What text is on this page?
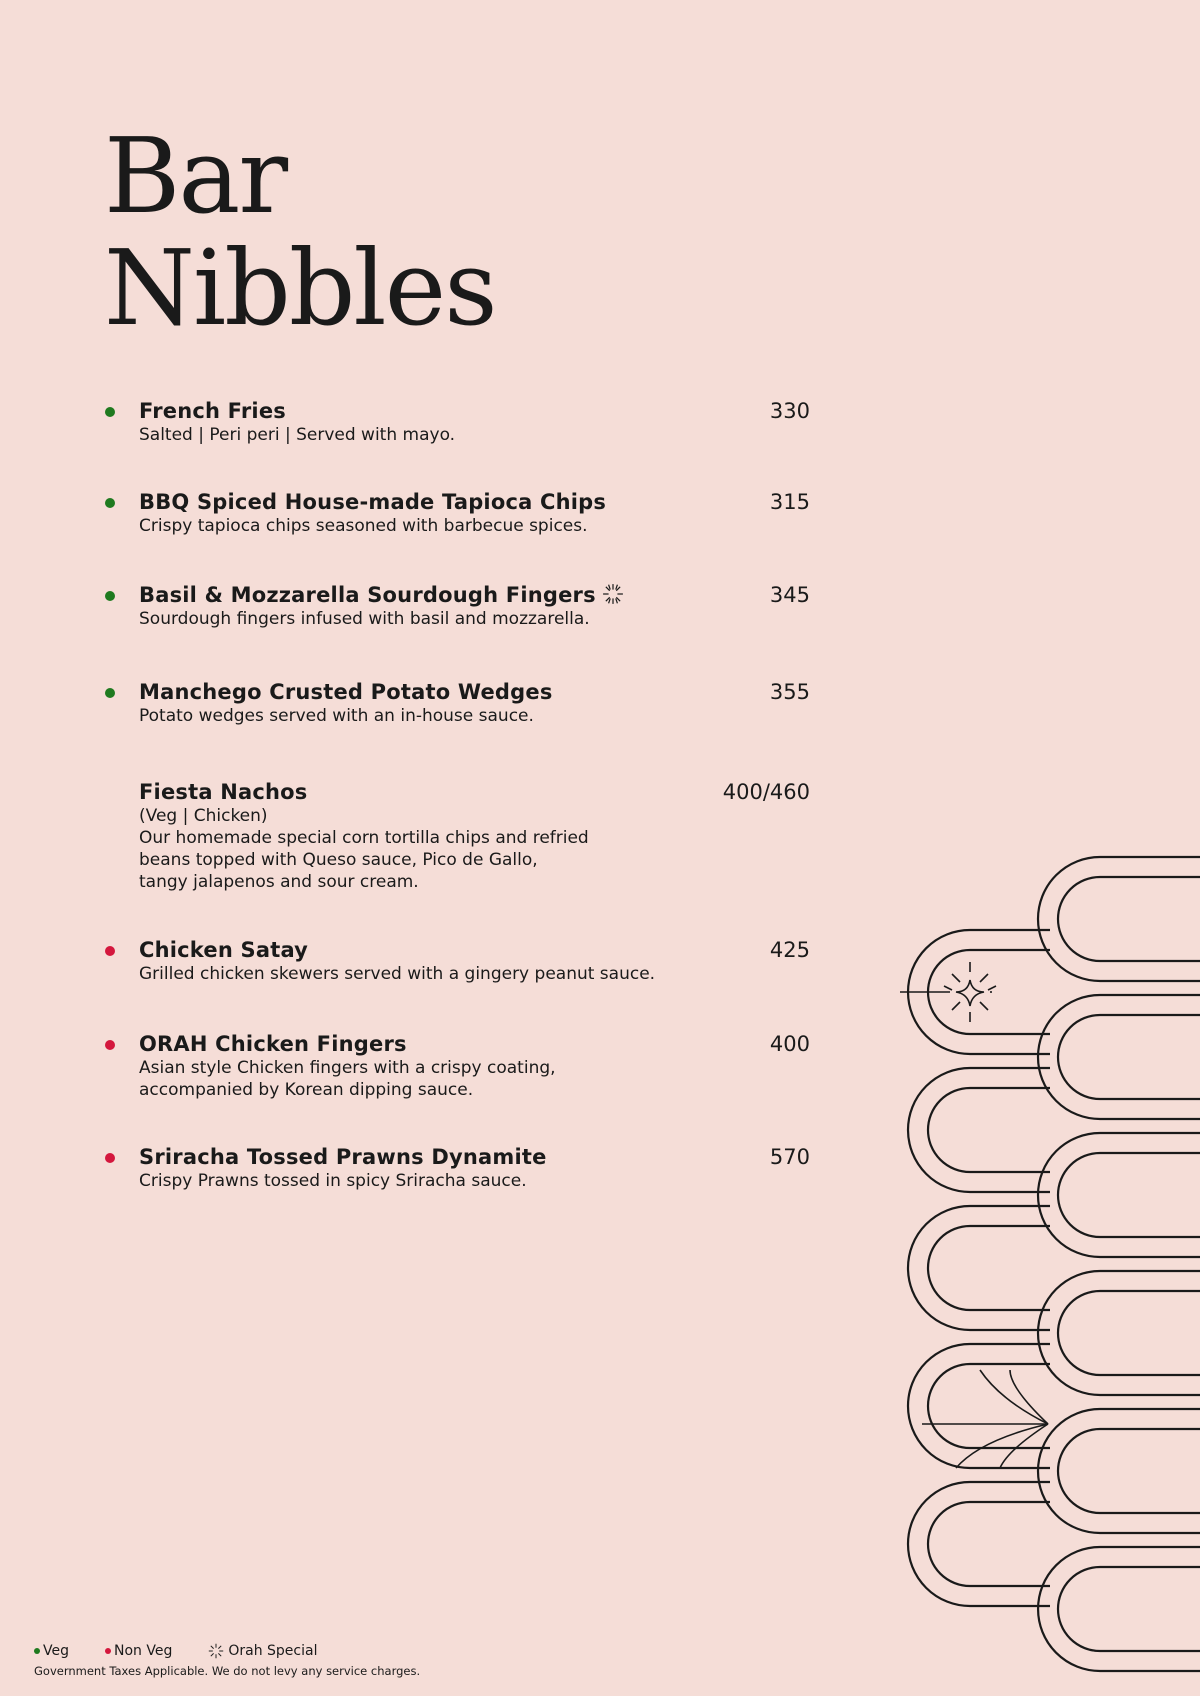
Bar
Nibbles
French Fries	330
Salted | Peri peri | Served with mayo.
BBQ Spiced House-made Tapioca Chips	315
Crispy tapioca chips seasoned with barbecue spices.
Basil & Mozzarella Sourdough Fingers	345
Sourdough fingers infused with basil and mozzarella.
Manchego Crusted Potato Wedges	355
Potato wedges served with an in-house sauce.
Fiesta Nachos	400/460
(Veg | Chicken)
Our homemade special corn tortilla chips and refried
beans topped with Queso sauce, Pico de Gallo,
tangy jalapenos and sour cream.
Chicken Satay	425
Grilled chicken skewers served with a gingery peanut sauce.
ORAH Chicken Fingers	400
Asian style Chicken fingers with a crispy coating,
accompanied by Korean dipping sauce.
Sriracha Tossed Prawns Dynamite	570
Crispy Prawns tossed in spicy Sriracha sauce.
Veg	Non Veg	Orah Special
Government Taxes Applicable. We do not levy any service charges.
